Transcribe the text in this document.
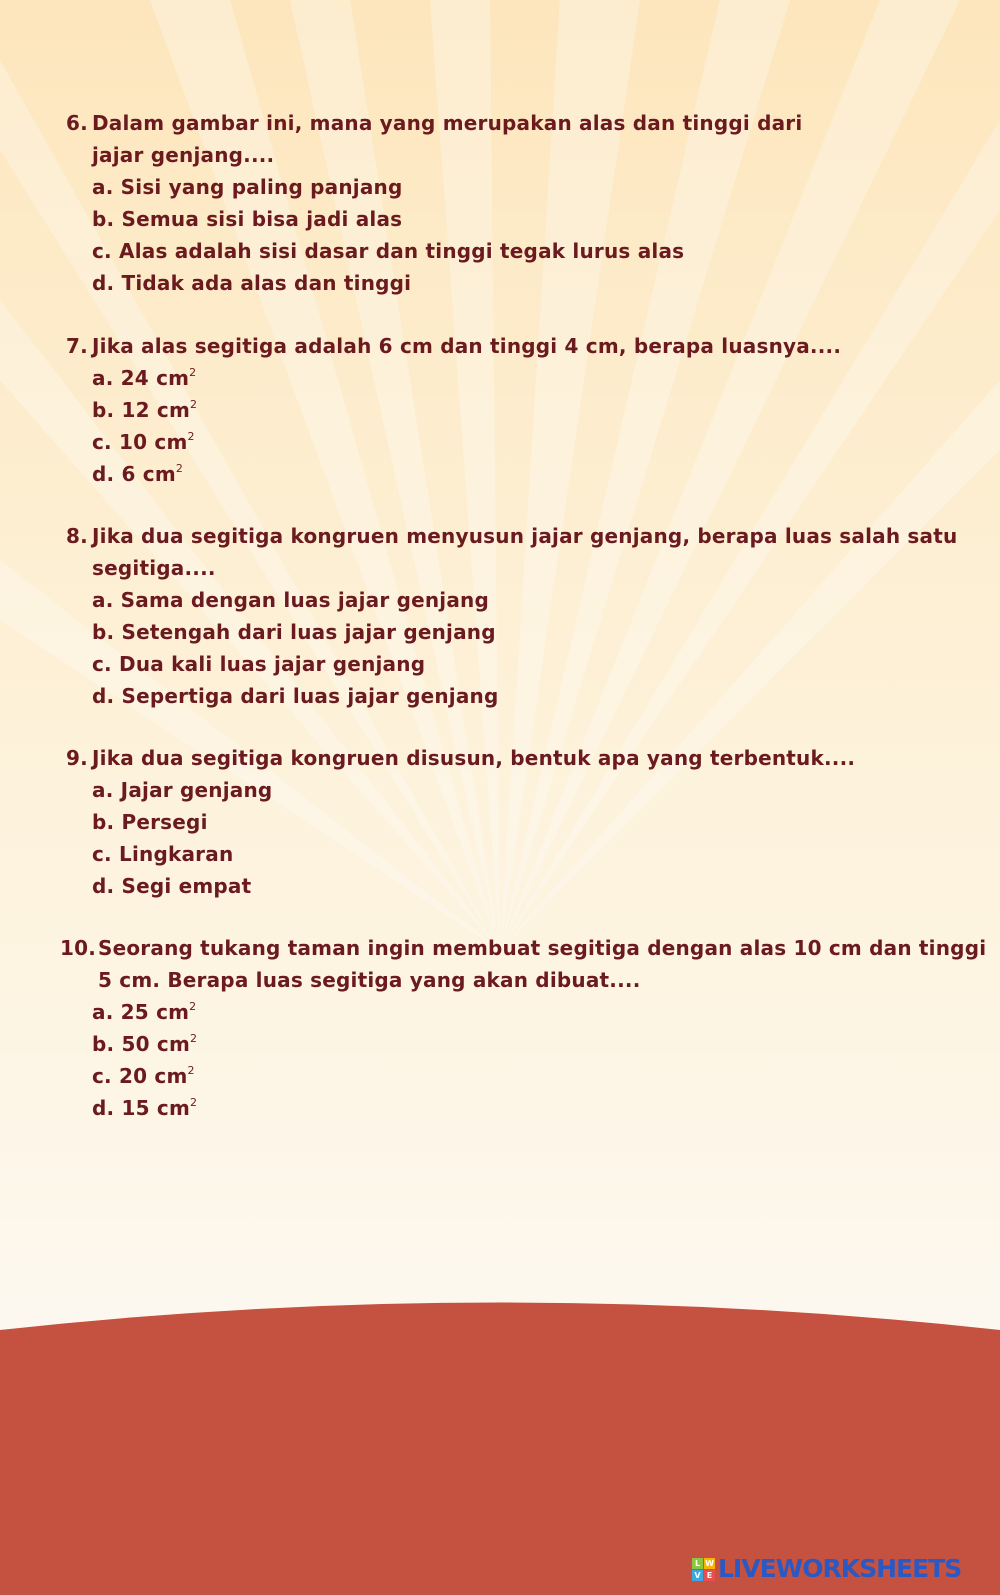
6. Dalam gambar ini, mana yang merupakan alas dan tinggi dari
jajar genjang....
a. Sisi yang paling panjang
b. Semua sisi bisa jadi alas
c. Alas adalah sisi dasar dan tinggi tegak lurus alas
d. Tidak ada alas dan tinggi
7. Jika alas segitiga adalah 6 cm dan tinggi 4 cm, berapa luasnya....
a. 24 $cm^2$
b. 12 $cm^2$
c. 10 $cm^2$
d. 6 $cm^2$
8. Jika dua segitiga kongruen menyusun jajar genjang, berapa luas salah satu
segitiga....
a. Sama dengan luas jajar genjang
b. Setengah dari luas jajar genjang
c. Dua kali luas jajar genjang
d. Sepertiga dari luas jajar genjang
9. Jika dua segitiga kongruen disusun, bentuk apa yang terbentuk....
a. Jajar genjang
b. Persegi
c. Lingkaran
d. Segi empat
10. Seorang tukang taman ingin membuat segitiga dengan alas 10 cm dan tinggi
5 cm. Berapa luas segitiga yang akan dibuat....
a. 25 $cm^2$
b. 50 $cm^2$
c. 20 $cm^2$
d. 15 $cm^2$
L W
V E LIVEWORKSHEETS
